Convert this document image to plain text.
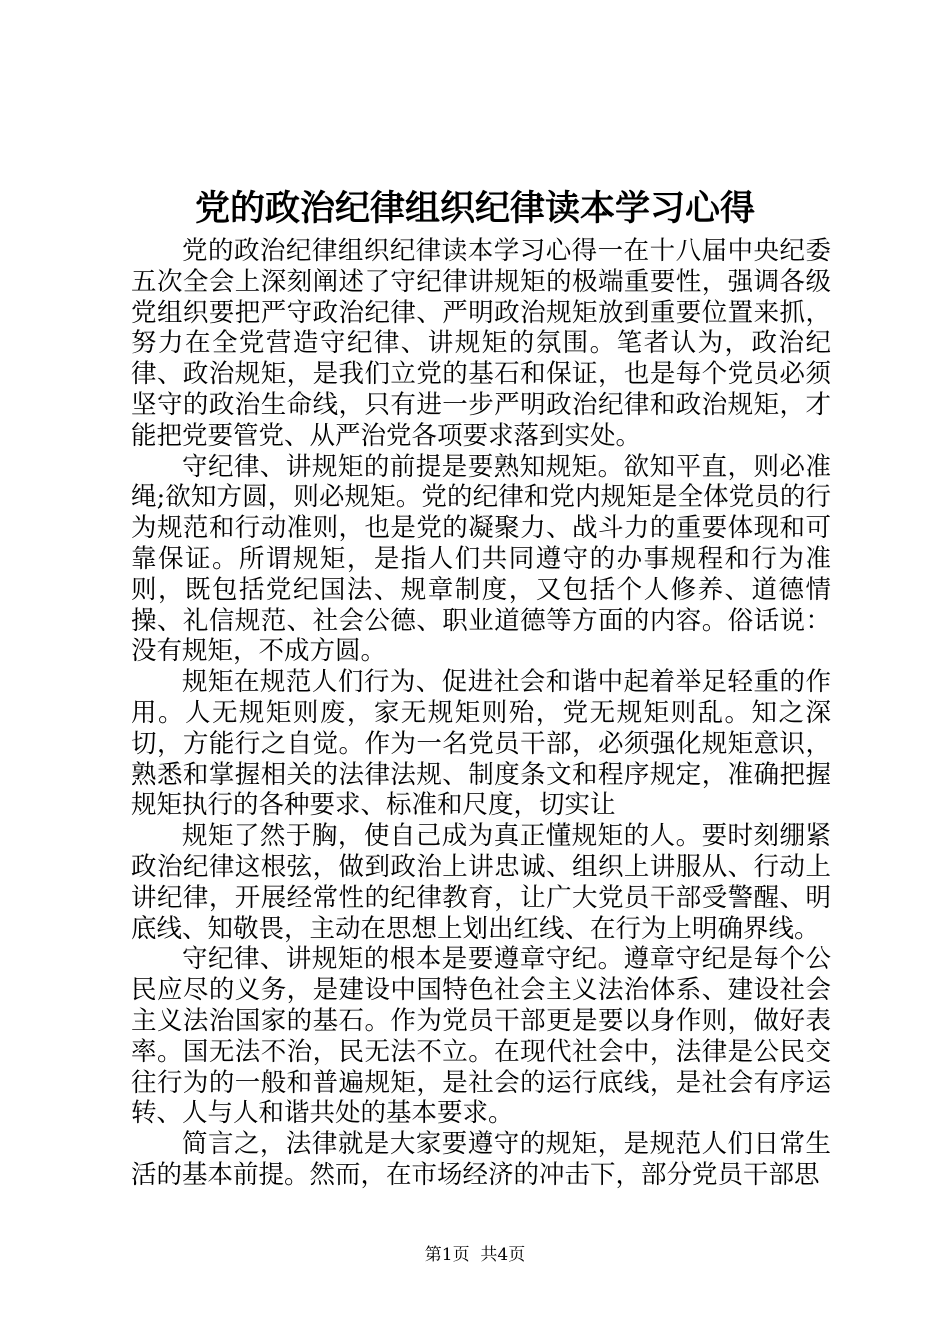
党的政治纪律组织纪律读本学习心得

党的政治纪律组织纪律读本学习心得一在十八届中央纪委五次全会上深刻阐述了守纪律讲规矩的极端重要性，强调各级党组织要把严守政治纪律、严明政治规矩放到重要位置来抓，努力在全党营造守纪律、讲规矩的氛围。笔者认为，政治纪律、政治规矩，是我们立党的基石和保证，也是每个党员必须坚守的政治生命线，只有进一步严明政治纪律和政治规矩，才能把党要管党、从严治党各项要求落到实处。

守纪律、讲规矩的前提是要熟知规矩。欲知平直，则必准绳;欲知方圆，则必规矩。党的纪律和党内规矩是全体党员的行为规范和行动准则，也是党的凝聚力、战斗力的重要体现和可靠保证。所谓规矩，是指人们共同遵守的办事规程和行为准则，既包括党纪国法、规章制度，又包括个人修养、道德情操、礼信规范、社会公德、职业道德等方面的内容。俗话说：没有规矩，不成方圆。

规矩在规范人们行为、促进社会和谐中起着举足轻重的作用。人无规矩则废，家无规矩则殆，党无规矩则乱。知之深切，方能行之自觉。作为一名党员干部，必须强化规矩意识，熟悉和掌握相关的法律法规、制度条文和程序规定，准确把握规矩执行的各种要求、标准和尺度，切实让

规矩了然于胸，使自己成为真正懂规矩的人。要时刻绷紧政治纪律这根弦，做到政治上讲忠诚、组织上讲服从、行动上讲纪律，开展经常性的纪律教育，让广大党员干部受警醒、明底线、知敬畏，主动在思想上划出红线、在行为上明确界线。

守纪律、讲规矩的根本是要遵章守纪。遵章守纪是每个公民应尽的义务，是建设中国特色社会主义法治体系、建设社会主义法治国家的基石。作为党员干部更是要以身作则，做好表率。国无法不治，民无法不立。在现代社会中，法律是公民交往行为的一般和普遍规矩，是社会的运行底线，是社会有序运转、人与人和谐共处的基本要求。

简言之，法律就是大家要遵守的规矩，是规范人们日常生活的基本前提。然而，在市场经济的冲击下，部分党员干部思

第1页  共4页
